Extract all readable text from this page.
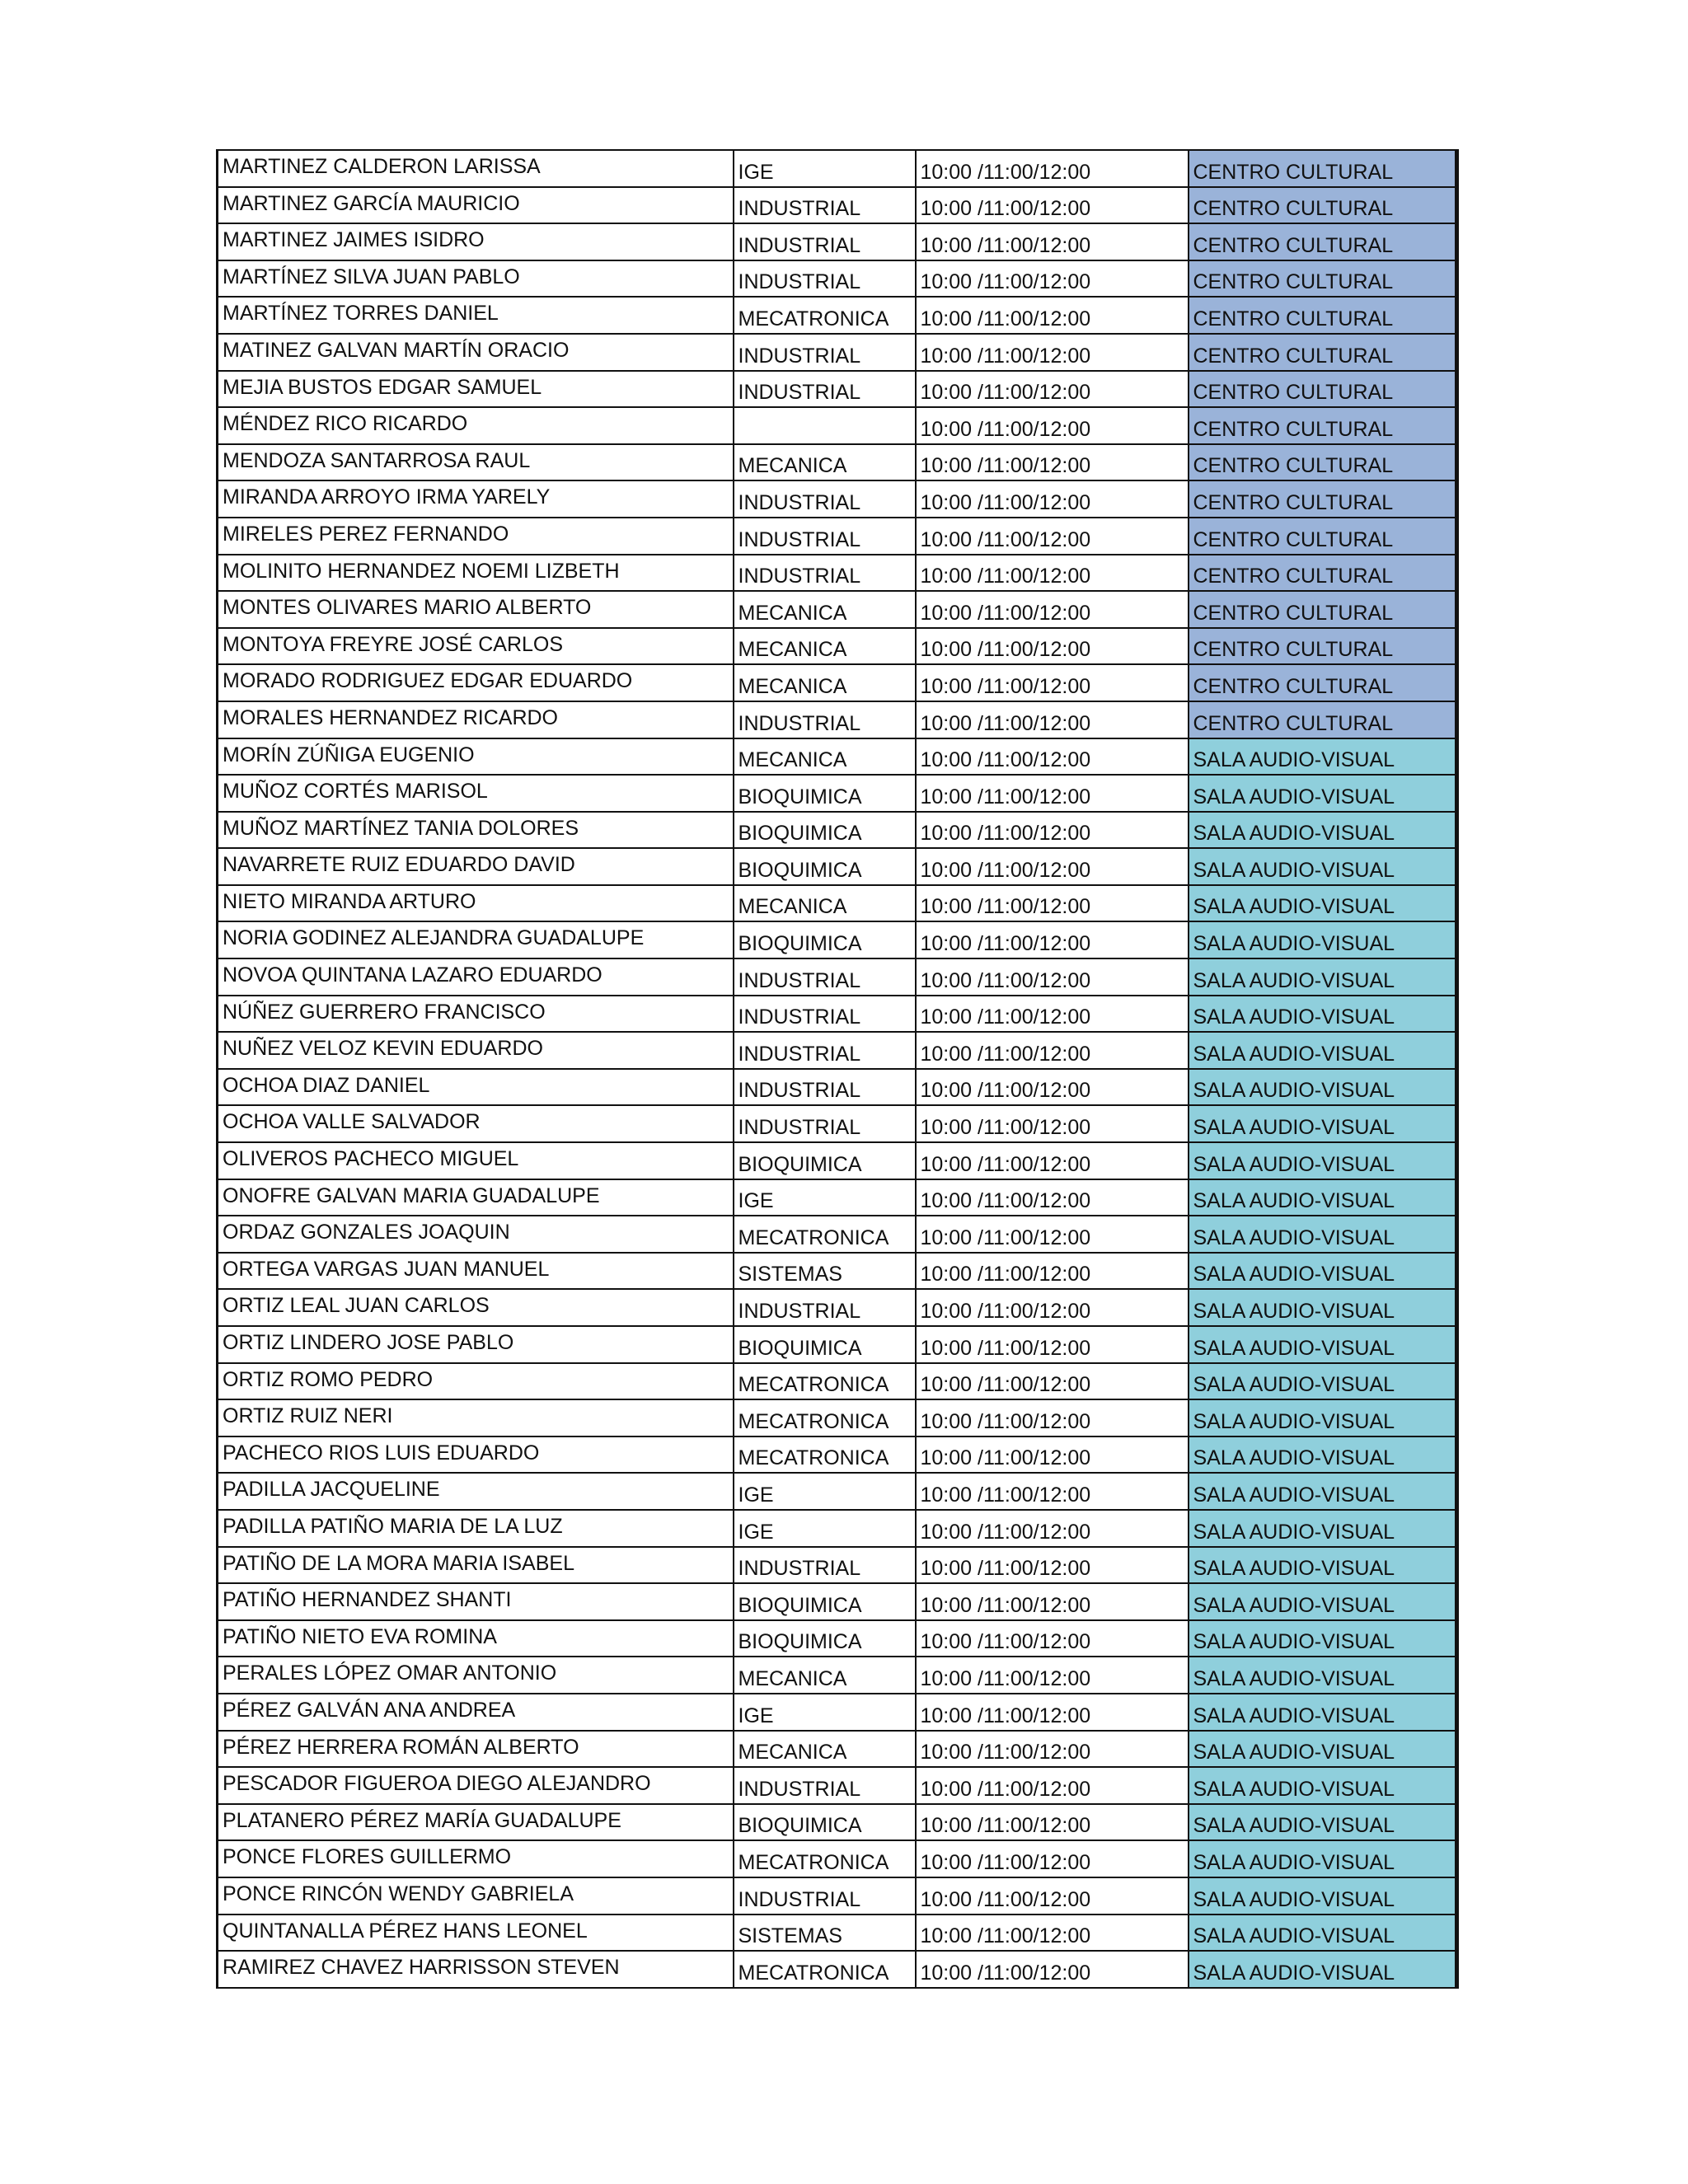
MARTINEZ CALDERON LARISSA	IGE	10:00 /11:00/12:00	CENTRO CULTURAL
MARTINEZ GARCÍA MAURICIO	INDUSTRIAL	10:00 /11:00/12:00	CENTRO CULTURAL
MARTINEZ JAIMES ISIDRO	INDUSTRIAL	10:00 /11:00/12:00	CENTRO CULTURAL
MARTÍNEZ SILVA JUAN PABLO	INDUSTRIAL	10:00 /11:00/12:00	CENTRO CULTURAL
MARTÍNEZ TORRES DANIEL	MECATRONICA	10:00 /11:00/12:00	CENTRO CULTURAL
MATINEZ GALVAN MARTÍN ORACIO	INDUSTRIAL	10:00 /11:00/12:00	CENTRO CULTURAL
MEJIA BUSTOS EDGAR SAMUEL	INDUSTRIAL	10:00 /11:00/12:00	CENTRO CULTURAL
MÉNDEZ RICO RICARDO		10:00 /11:00/12:00	CENTRO CULTURAL
MENDOZA SANTARROSA RAUL	MECANICA	10:00 /11:00/12:00	CENTRO CULTURAL
MIRANDA ARROYO IRMA YARELY	INDUSTRIAL	10:00 /11:00/12:00	CENTRO CULTURAL
MIRELES PEREZ FERNANDO	INDUSTRIAL	10:00 /11:00/12:00	CENTRO CULTURAL
MOLINITO HERNANDEZ NOEMI LIZBETH	INDUSTRIAL	10:00 /11:00/12:00	CENTRO CULTURAL
MONTES OLIVARES MARIO ALBERTO	MECANICA	10:00 /11:00/12:00	CENTRO CULTURAL
MONTOYA FREYRE JOSÉ CARLOS	MECANICA	10:00 /11:00/12:00	CENTRO CULTURAL
MORADO RODRIGUEZ EDGAR EDUARDO	MECANICA	10:00 /11:00/12:00	CENTRO CULTURAL
MORALES HERNANDEZ RICARDO	INDUSTRIAL	10:00 /11:00/12:00	CENTRO CULTURAL
MORÍN ZÚÑIGA EUGENIO	MECANICA	10:00 /11:00/12:00	SALA AUDIO-VISUAL
MUÑOZ CORTÉS MARISOL	BIOQUIMICA	10:00 /11:00/12:00	SALA AUDIO-VISUAL
MUÑOZ MARTÍNEZ TANIA DOLORES	BIOQUIMICA	10:00 /11:00/12:00	SALA AUDIO-VISUAL
NAVARRETE RUIZ EDUARDO DAVID	BIOQUIMICA	10:00 /11:00/12:00	SALA AUDIO-VISUAL
NIETO MIRANDA ARTURO	MECANICA	10:00 /11:00/12:00	SALA AUDIO-VISUAL
NORIA GODINEZ ALEJANDRA GUADALUPE	BIOQUIMICA	10:00 /11:00/12:00	SALA AUDIO-VISUAL
NOVOA QUINTANA LAZARO EDUARDO	INDUSTRIAL	10:00 /11:00/12:00	SALA AUDIO-VISUAL
NÚÑEZ GUERRERO FRANCISCO	INDUSTRIAL	10:00 /11:00/12:00	SALA AUDIO-VISUAL
NUÑEZ VELOZ KEVIN EDUARDO	INDUSTRIAL	10:00 /11:00/12:00	SALA AUDIO-VISUAL
OCHOA DIAZ DANIEL	INDUSTRIAL	10:00 /11:00/12:00	SALA AUDIO-VISUAL
OCHOA VALLE SALVADOR	INDUSTRIAL	10:00 /11:00/12:00	SALA AUDIO-VISUAL
OLIVEROS PACHECO MIGUEL	BIOQUIMICA	10:00 /11:00/12:00	SALA AUDIO-VISUAL
ONOFRE GALVAN MARIA GUADALUPE	IGE	10:00 /11:00/12:00	SALA AUDIO-VISUAL
ORDAZ GONZALES JOAQUIN	MECATRONICA	10:00 /11:00/12:00	SALA AUDIO-VISUAL
ORTEGA VARGAS JUAN MANUEL	SISTEMAS	10:00 /11:00/12:00	SALA AUDIO-VISUAL
ORTIZ LEAL JUAN CARLOS	INDUSTRIAL	10:00 /11:00/12:00	SALA AUDIO-VISUAL
ORTIZ LINDERO JOSE PABLO	BIOQUIMICA	10:00 /11:00/12:00	SALA AUDIO-VISUAL
ORTIZ ROMO PEDRO	MECATRONICA	10:00 /11:00/12:00	SALA AUDIO-VISUAL
ORTIZ RUIZ NERI	MECATRONICA	10:00 /11:00/12:00	SALA AUDIO-VISUAL
PACHECO RIOS LUIS EDUARDO	MECATRONICA	10:00 /11:00/12:00	SALA AUDIO-VISUAL
PADILLA JACQUELINE	IGE	10:00 /11:00/12:00	SALA AUDIO-VISUAL
PADILLA PATIÑO MARIA DE LA LUZ	IGE	10:00 /11:00/12:00	SALA AUDIO-VISUAL
PATIÑO DE LA MORA MARIA ISABEL	INDUSTRIAL	10:00 /11:00/12:00	SALA AUDIO-VISUAL
PATIÑO HERNANDEZ SHANTI	BIOQUIMICA	10:00 /11:00/12:00	SALA AUDIO-VISUAL
PATIÑO NIETO EVA ROMINA	BIOQUIMICA	10:00 /11:00/12:00	SALA AUDIO-VISUAL
PERALES LÓPEZ OMAR ANTONIO	MECANICA	10:00 /11:00/12:00	SALA AUDIO-VISUAL
PÉREZ GALVÁN ANA ANDREA	IGE	10:00 /11:00/12:00	SALA AUDIO-VISUAL
PÉREZ HERRERA ROMÁN ALBERTO	MECANICA	10:00 /11:00/12:00	SALA AUDIO-VISUAL
PESCADOR FIGUEROA DIEGO ALEJANDRO	INDUSTRIAL	10:00 /11:00/12:00	SALA AUDIO-VISUAL
PLATANERO PÉREZ MARÍA GUADALUPE	BIOQUIMICA	10:00 /11:00/12:00	SALA AUDIO-VISUAL
PONCE FLORES GUILLERMO	MECATRONICA	10:00 /11:00/12:00	SALA AUDIO-VISUAL
PONCE RINCÓN WENDY GABRIELA	INDUSTRIAL	10:00 /11:00/12:00	SALA AUDIO-VISUAL
QUINTANALLA PÉREZ HANS LEONEL	SISTEMAS	10:00 /11:00/12:00	SALA AUDIO-VISUAL
RAMIREZ CHAVEZ HARRISSON STEVEN	MECATRONICA	10:00 /11:00/12:00	SALA AUDIO-VISUAL
